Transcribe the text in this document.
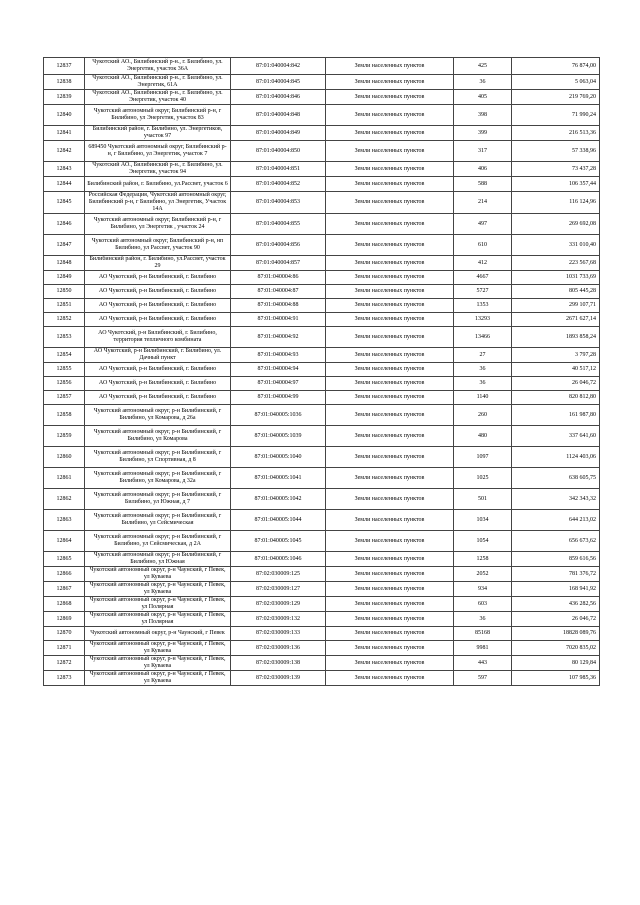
12837	Чукотский АО., Билибинский р-н., г. Билибино, ул. Энергетик, участок 36А	87:01:040004:842	Земли населенных пунктов	425	76 874,00
12838	Чукотский АО., Билибинский р-н., г. Билибино, ул. Энергетик, 61А	87:01:040004:845	Земли населенных пунктов	36	5 063,04
12839	Чукотский АО., Билибинский р-н., г. Билибино, ул. Энергетик, участок 40	87:01:040004:846	Земли населенных пунктов	405	219 769,20
12840	Чукотский автономный округ, Билибинский р-н, г Билибино, ул Энергетик, участок 83	87:01:040004:848	Земли населенных пунктов	398	71 990,24
12841	Билибинский район, г. Билибино, ул. Энергетиков, участок 97	87:01:040004:849	Земли населенных пунктов	399	216 513,36
12842	689450 Чукотский автономный округ, Билибинский р-н, г Билибино, ул Энергетик, участок 7	87:01:040004:850	Земли населенных пунктов	317	57 338,96
12843	Чукотский АО., Билибинский р-н., г. Билибино, ул. Энергетик, участок 94	87:01:040004:851	Земли населенных пунктов	406	73 437,28
12844	Билибинский район, г. Билибино, ул.Рассвет, участок 6	87:01:040004:852	Земли населенных пунктов	588	106 357,44
12845	Российская Федерация, Чукотский автономный округ, Билибинский р-н, г Билибино, ул Энергетик, Участок 14А	87:01:040004:853	Земли населенных пунктов	214	116 124,96
12846	Чукотский автономный округ, Билибинский р-н, г Билибино, ул Энергетик , участок 24	87:01:040004:855	Земли населенных пунктов	497	269 692,08
12847	Чукотский автономный округ, Билибинский р-н, нп Билибино, ул Рассвет, участок 90	87:01:040004:856	Земли населенных пунктов	610	331 010,40
12848	Билибинский район, г. Билибино, ул.Рассвет, участок 29	87:01:040004:857	Земли населенных пунктов	412	223 567,68
12849	АО Чукотский, р-н Билибинский, г. Билибино	87:01:040004:86	Земли населенных пунктов	4667	1031 733,69
12850	АО Чукотский, р-н Билибинский, г. Билибино	87:01:040004:87	Земли населенных пунктов	5727	805 445,28
12851	АО Чукотский, р-н Билибинский, г. Билибино	87:01:040004:88	Земли населенных пунктов	1353	299 107,71
12852	АО Чукотский, р-н Билибинский, г. Билибино	87:01:040004:91	Земли населенных пунктов	13293	2671 627,14
12853	АО Чукотский, р-н Билибинский, г. Билибино, территория тепличного комбината	87:01:040004:92	Земли населенных пунктов	13466	1893 858,24
12854	АО Чукотский, р-н Билибинский, г. Билибино, ул. Дачный пункт	87:01:040004:93	Земли населенных пунктов	27	3 797,28
12855	АО Чукотский, р-н Билибинский, г. Билибино	87:01:040004:94	Земли населенных пунктов	36	40 517,12
12856	АО Чукотский, р-н Билибинский, г. Билибино	87:01:040004:97	Земли населенных пунктов	36	26 046,72
12857	АО Чукотский, р-н Билибинский, г. Билибино	87:01:040004:99	Земли населенных пунктов	1140	820 812,80
12858	Чукотский автономный округ, р-н Билибинский, г Билибино, ул Комарова, д 26а	87:01:040005:1036	Земли населенных пунктов	260	161 987,80
12859	Чукотский автономный округ, р-н Билибинский, г Билибино, ул Комарова	87:01:040005:1039	Земли населенных пунктов	480	337 641,60
12860	Чукотский автономный округ, р-н Билибинский, г Билибино, ул Спортивная, д 8	87:01:040005:1040	Земли населенных пунктов	1097	1124 403,06
12861	Чукотский автономный округ, р-н Билибинский, г Билибино, ул Комарова, д 32а	87:01:040005:1041	Земли населенных пунктов	1025	638 605,75
12862	Чукотский автономный округ, р-н Билибинский, г Билибино, ул Южная, д 7	87:01:040005:1042	Земли населенных пунктов	501	342 343,32
12863	Чукотский автономный округ, р-н Билибинский, г Билибино, ул Сейсмическая	87:01:040005:1044	Земли населенных пунктов	1034	644 213,02
12864	Чукотский автономный округ, р-н Билибинский, г Билибино, ул Сейсмическая, д 2А	87:01:040005:1045	Земли населенных пунктов	1054	656 673,62
12865	Чукотский автономный округ, р-н Билибинский, г Билибино, ул Южная	87:01:040005:1046	Земли населенных пунктов	1258	859 616,56
12866	Чукотский автономный округ, р-н Чаунский, г Певек, ул Куваева	87:02:030009:125	Земли населенных пунктов	2052	781 376,72
12867	Чукотский автономный округ, р-н Чаунский, г Певек, ул Куваева	87:02:030009:127	Земли населенных пунктов	934	168 941,92
12868	Чукотский автономный округ, р-н Чаунский, г Певек, ул Полярная	87:02:030009:129	Земли населенных пунктов	603	436 282,56
12869	Чукотский автономный округ, р-н Чаунский, г Певек, ул Полярная	87:02:030009:132	Земли населенных пунктов	36	26 046,72
12870	Чукотский автономный округ, р-н Чаунский, г Певек	87:02:030009:133	Земли населенных пунктов	85168	18828 089,76
12871	Чукотский автономный округ, р-н Чаунский, г Певек, ул Куваева	87:02:030009:136	Земли населенных пунктов	9981	7020 835,02
12872	Чукотский автономный округ, р-н Чаунский, г Певек, ул Куваева	87:02:030009:138	Земли населенных пунктов	443	80 129,84
12873	Чукотский автономный округ, р-н Чаунский, г Певек, ул Куваева	87:02:030009:139	Земли населенных пунктов	597	107 985,36
